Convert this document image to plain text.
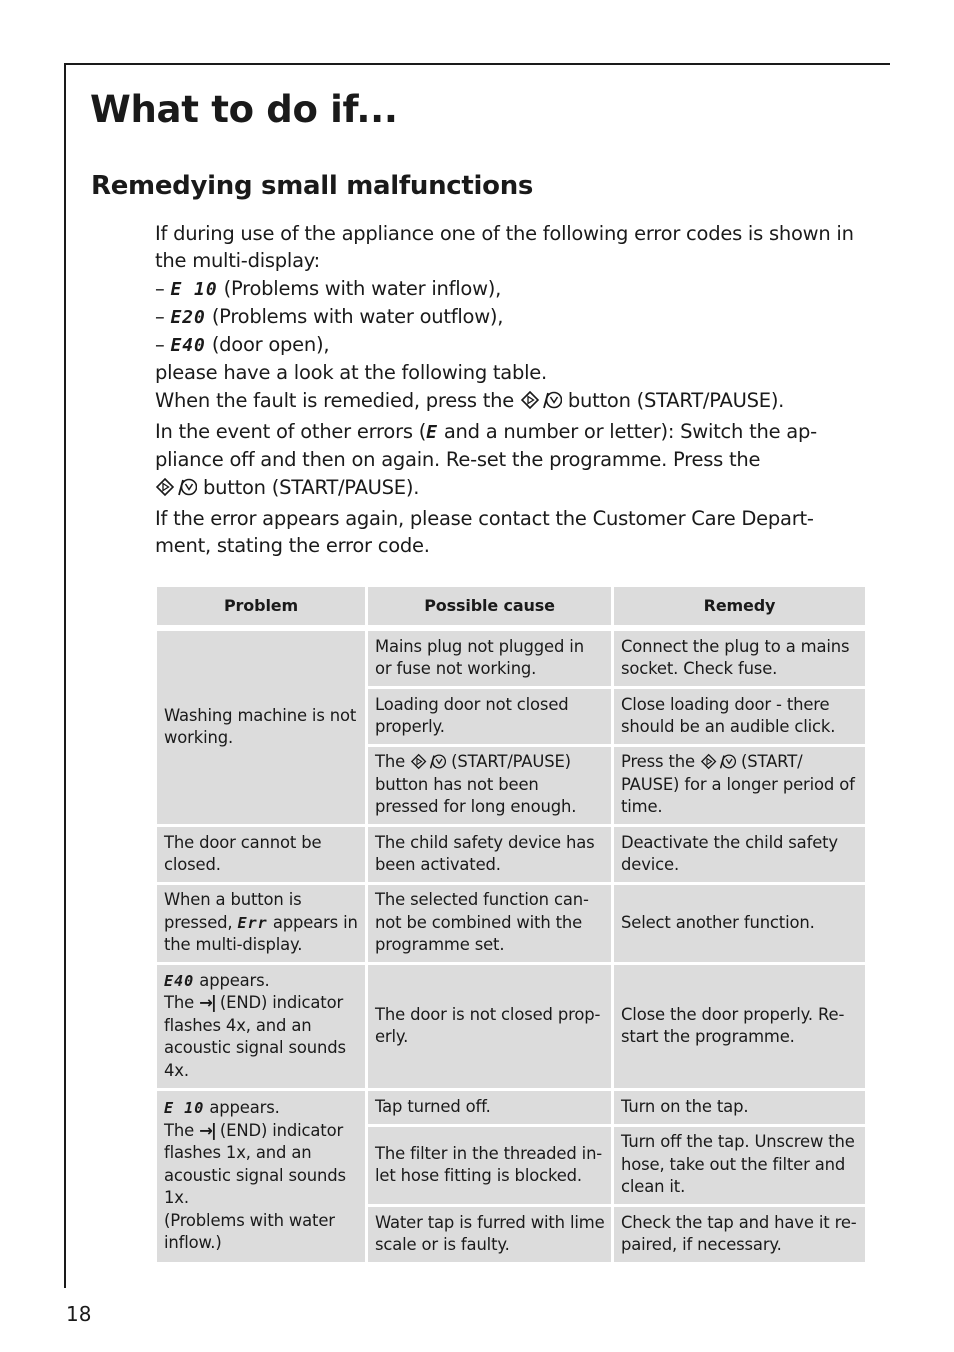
What to do if...
Remedying small malfunctions

If during use of the appliance one of the following error codes is shown in the multi-display:
– E 10 (Problems with water inflow),
– E20 (Problems with water outflow),
– E40 (door open),
please have a look at the following table.
When the fault is remedied, press the	button (START/PAUSE).

In the event of other errors (E and a number or letter): Switch the ap-pliance off and then on again. Re-set the programme. Press the

button (START/PAUSE).

If the error appears again, please contact the Customer Care Depart-ment, stating the error code.

Problem	Possible cause	Remedy
Washing machine is not working.	Mains plug not plugged in or fuse not working.	Connect the plug to a mains socket. Check fuse.
	Loading door not closed properly.	Close loading door - there should be an audible click.
	The (START/PAUSE) button has not been pressed for long enough.	Press the (START/ PAUSE) for a longer period of time.
The door cannot be closed.	The child safety device has been activated.	Deactivate the child safety device.
When a button is pressed, Err appears in the multi-display.	The selected function can-not be combined with the programme set.	Select another function.
E40 appears.
The →| (END) indicator flashes 4x, and an acoustic signal sounds 4x.	The door is not closed prop-erly.	Close the door properly. Re-start the programme.
E 10 appears.
The →| (END) indicator flashes 1x, and an acoustic signal sounds 1x.
(Problems with water inflow.)	Tap turned off.	Turn on the tap.
	The filter in the threaded in-let hose fitting is blocked.	Turn off the tap. Unscrew the hose, take out the filter and clean it.
	Water tap is furred with lime scale or is faulty.	Check the tap and have it re-paired, if necessary.
18
